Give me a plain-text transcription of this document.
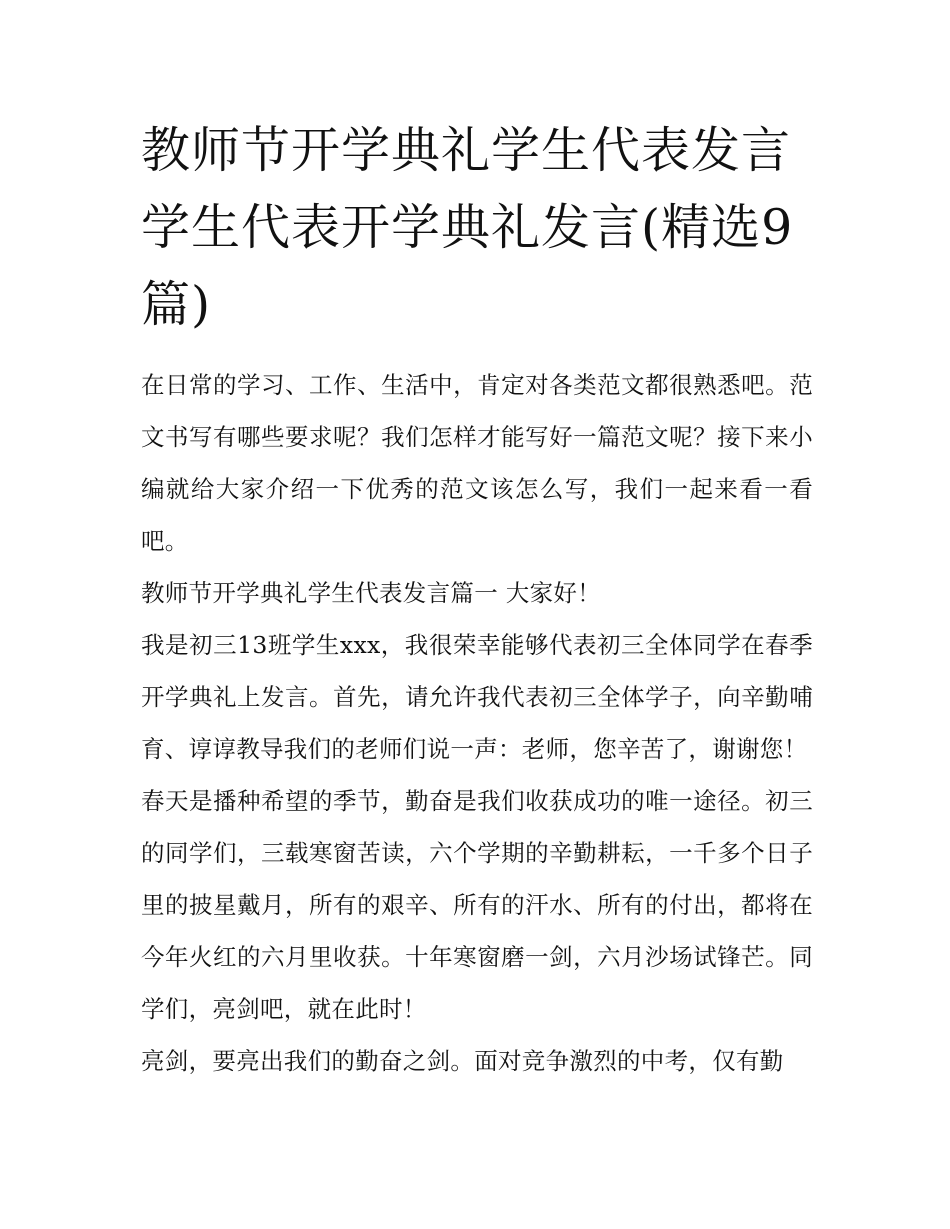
教师节开学典礼学生代表发言学生代表开学典礼发言(精选9篇)

在日常的学习、工作、生活中，肯定对各类范文都很熟悉吧。范文书写有哪些要求呢？我们怎样才能写好一篇范文呢？接下来小编就给大家介绍一下优秀的范文该怎么写，我们一起来看一看吧。

教师节开学典礼学生代表发言篇一 大家好！

我是初三13班学生xxx，我很荣幸能够代表初三全体同学在春季开学典礼上发言。首先，请允许我代表初三全体学子，向辛勤哺育、谆谆教导我们的老师们说一声：老师，您辛苦了，谢谢您！

春天是播种希望的季节，勤奋是我们收获成功的唯一途径。初三的同学们，三载寒窗苦读，六个学期的辛勤耕耘，一千多个日子里的披星戴月，所有的艰辛、所有的汗水、所有的付出，都将在今年火红的六月里收获。十年寒窗磨一剑，六月沙场试锋芒。同学们，亮剑吧，就在此时！

亮剑，要亮出我们的勤奋之剑。面对竞争激烈的中考，仅有勤
